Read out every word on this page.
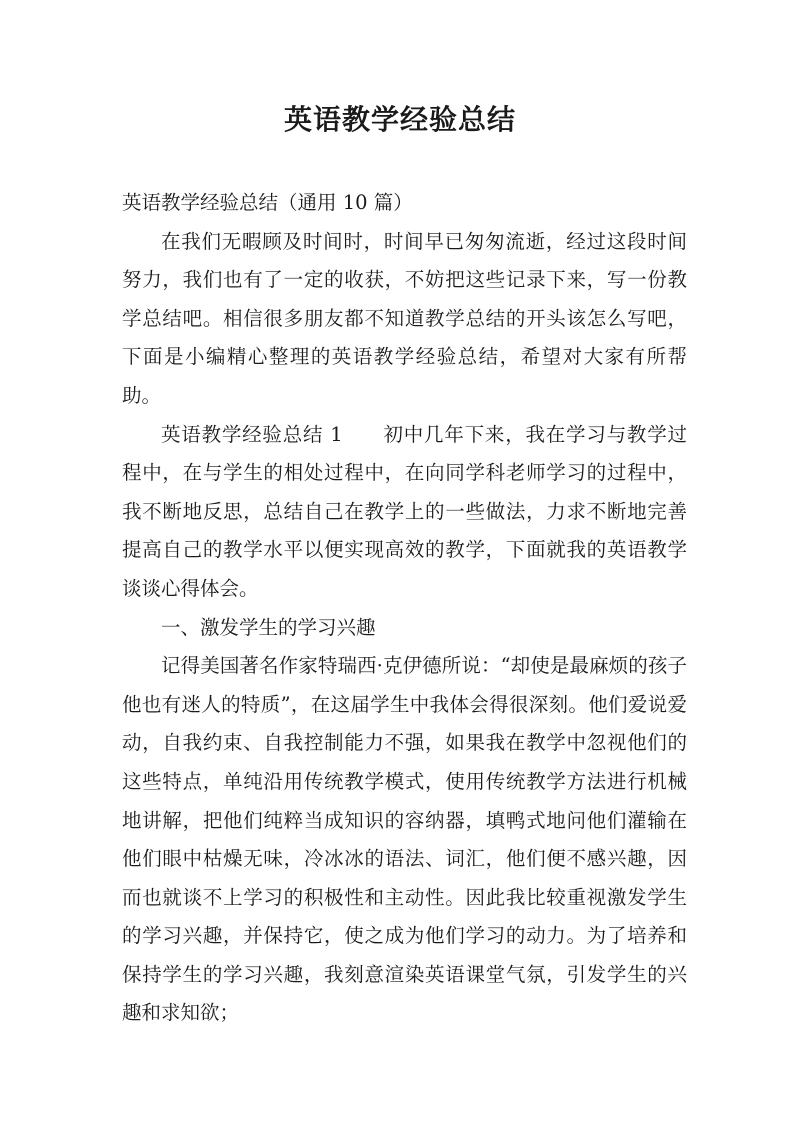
英语教学经验总结

英语教学经验总结（通用 10 篇）

在我们无暇顾及时间时，时间早已匆匆流逝，经过这段时间努力，我们也有了一定的收获，不妨把这些记录下来，写一份教学总结吧。相信很多朋友都不知道教学总结的开头该怎么写吧，下面是小编精心整理的英语教学经验总结，希望对大家有所帮助。

英语教学经验总结 1 初中几年下来，我在学习与教学过程中，在与学生的相处过程中，在向同学科老师学习的过程中，我不断地反思，总结自己在教学上的一些做法，力求不断地完善提高自己的教学水平以便实现高效的教学，下面就我的英语教学谈谈心得体会。

一、激发学生的学习兴趣

记得美国著名作家特瑞西·克伊德所说：“却使是最麻烦的孩子他也有迷人的特质”，在这届学生中我体会得很深刻。他们爱说爱动，自我约束、自我控制能力不强，如果我在教学中忽视他们的这些特点，单纯沿用传统教学模式，使用传统教学方法进行机械地讲解，把他们纯粹当成知识的容纳器，填鸭式地问他们灌输在他们眼中枯燥无味，冷冰冰的语法、词汇，他们便不感兴趣，因而也就谈不上学习的积极性和主动性。因此我比较重视激发学生的学习兴趣，并保持它，使之成为他们学习的动力。为了培养和保持学生的学习兴趣，我刻意渲染英语课堂气氛，引发学生的兴趣和求知欲；
